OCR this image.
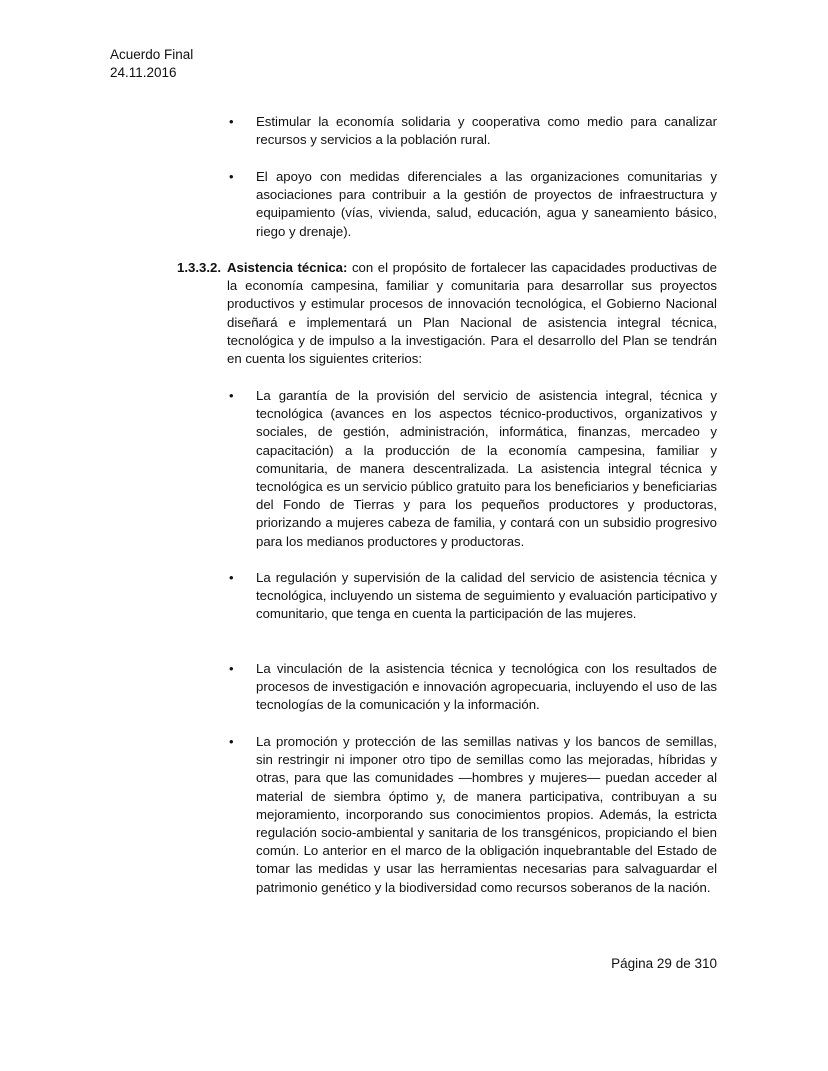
Acuerdo Final
24.11.2016
• Estimular la economía solidaria y cooperativa como medio para canalizar recursos y servicios a la población rural.
• El apoyo con medidas diferenciales a las organizaciones comunitarias y asociaciones para contribuir a la gestión de proyectos de infraestructura y equipamiento (vías, vivienda, salud, educación, agua y saneamiento básico, riego y drenaje).
1.3.3.2. Asistencia técnica: con el propósito de fortalecer las capacidades productivas de la economía campesina, familiar y comunitaria para desarrollar sus proyectos productivos y estimular procesos de innovación tecnológica, el Gobierno Nacional diseñará e implementará un Plan Nacional de asistencia integral técnica, tecnológica y de impulso a la investigación. Para el desarrollo del Plan se tendrán en cuenta los siguientes criterios:
• La garantía de la provisión del servicio de asistencia integral, técnica y tecnológica (avances en los aspectos técnico-productivos, organizativos y sociales, de gestión, administración, informática, finanzas, mercadeo y capacitación) a la producción de la economía campesina, familiar y comunitaria, de manera descentralizada. La asistencia integral técnica y tecnológica es un servicio público gratuito para los beneficiarios y beneficiarias del Fondo de Tierras y para los pequeños productores y productoras, priorizando a mujeres cabeza de familia, y contará con un subsidio progresivo para los medianos productores y productoras.
• La regulación y supervisión de la calidad del servicio de asistencia técnica y tecnológica, incluyendo un sistema de seguimiento y evaluación participativo y comunitario, que tenga en cuenta la participación de las mujeres.
• La vinculación de la asistencia técnica y tecnológica con los resultados de procesos de investigación e innovación agropecuaria, incluyendo el uso de las tecnologías de la comunicación y la información.
• La promoción y protección de las semillas nativas y los bancos de semillas, sin restringir ni imponer otro tipo de semillas como las mejoradas, híbridas y otras, para que las comunidades —hombres y mujeres— puedan acceder al material de siembra óptimo y, de manera participativa, contribuyan a su mejoramiento, incorporando sus conocimientos propios. Además, la estricta regulación socio-ambiental y sanitaria de los transgénicos, propiciando el bien común. Lo anterior en el marco de la obligación inquebrantable del Estado de tomar las medidas y usar las herramientas necesarias para salvaguardar el patrimonio genético y la biodiversidad como recursos soberanos de la nación.
Página 29 de 310
